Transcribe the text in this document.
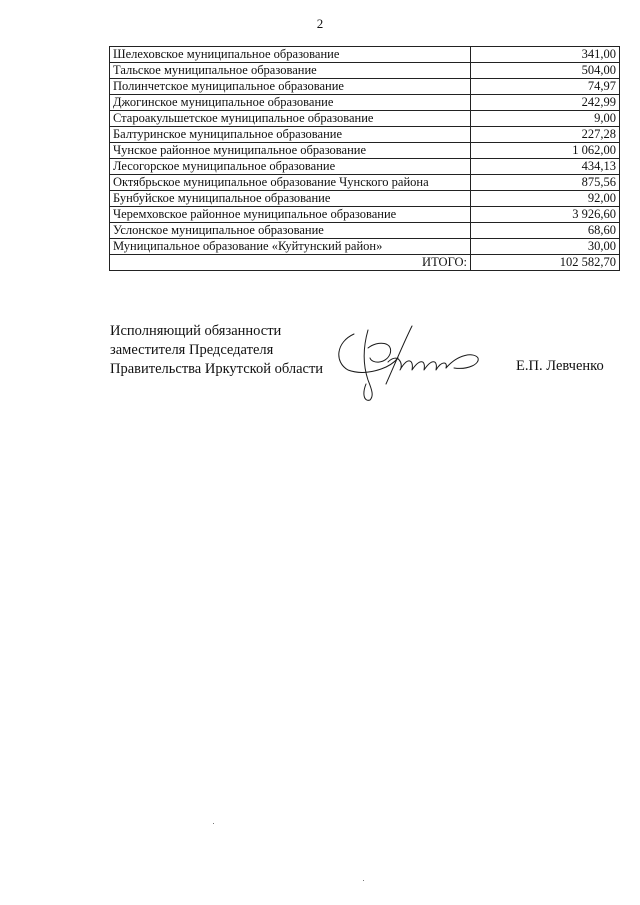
2
Шелеховское муниципальное образование	341,00
Тальское муниципальное образование	504,00
Полинчетское муниципальное образование	74,97
Джогинское муниципальное образование	242,99
Староакульшетское муниципальное образование	9,00
Балтуринское муниципальное образование	227,28
Чунское районное муниципальное образование	1 062,00
Лесогорское муниципальное образование	434,13
Октябрьское муниципальное образование Чунского района	875,56
Бунбуйское муниципальное образование	92,00
Черемховское районное муниципальное образование	3 926,60
Услонское муниципальное образование	68,60
Муниципальное образование «Куйтунский район»	30,00
ИТОГО:	102 582,70
Исполняющий обязанности
заместителя Председателя
Правительства Иркутской области	Е.П. Левченко
